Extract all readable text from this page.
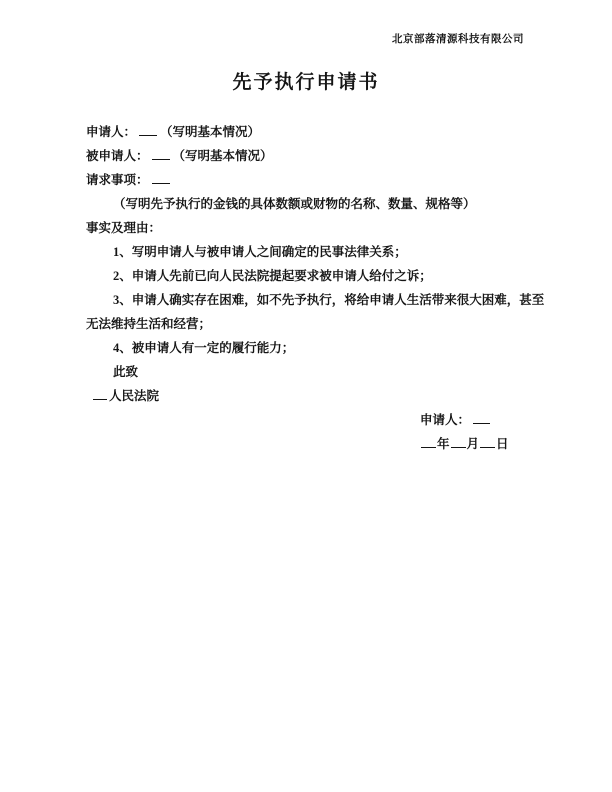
北京部落清源科技有限公司
先予执行申请书
申请人： （写明基本情况）
被申请人： （写明基本情况）
请求事项：
（写明先予执行的金钱的具体数额或财物的名称、数量、规格等）
事实及理由：
1、写明申请人与被申请人之间确定的民事法律关系；
2、申请人先前已向人民法院提起要求被申请人给付之诉；
3、申请人确实存在困难，如不先予执行，将给申请人生活带来很大困难，甚至
无法维持生活和经营；
4、被申请人有一定的履行能力；
此致
人民法院
申请人：
年 月 日
